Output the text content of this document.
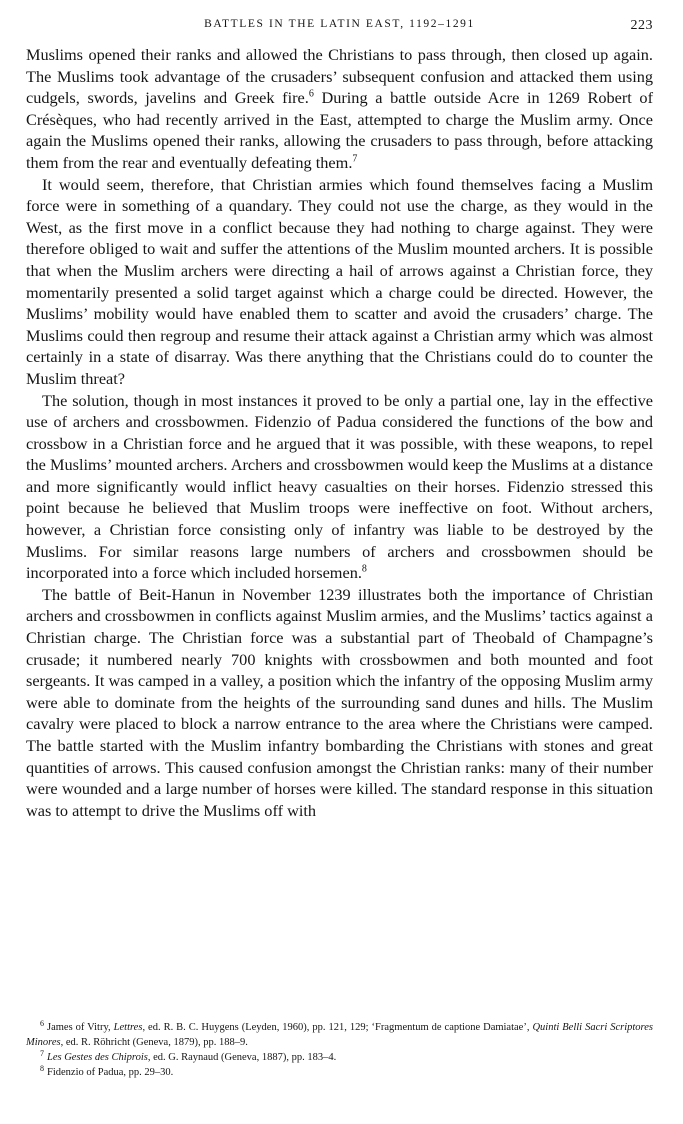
BATTLES IN THE LATIN EAST, 1192–1291	223

Muslims opened their ranks and allowed the Christians to pass through, then closed up again. The Muslims took advantage of the crusaders’ subsequent confusion and attacked them using cudgels, swords, javelins and Greek fire.$^6$ During a battle outside Acre in 1269 Robert of Crésèques, who had recently arrived in the East, attempted to charge the Muslim army. Once again the Muslims opened their ranks, allowing the crusaders to pass through, before attacking them from the rear and eventually defeating them.$^7$

It would seem, therefore, that Christian armies which found themselves facing a Muslim force were in something of a quandary. They could not use the charge, as they would in the West, as the first move in a conflict because they had nothing to charge against. They were therefore obliged to wait and suffer the attentions of the Muslim mounted archers. It is possible that when the Muslim archers were directing a hail of arrows against a Christian force, they momentarily presented a solid target against which a charge could be directed. However, the Muslims’ mobility would have enabled them to scatter and avoid the crusaders’ charge. The Muslims could then regroup and resume their attack against a Christian army which was almost certainly in a state of disarray. Was there anything that the Christians could do to counter the Muslim threat?

The solution, though in most instances it proved to be only a partial one, lay in the effective use of archers and crossbowmen. Fidenzio of Padua considered the functions of the bow and crossbow in a Christian force and he argued that it was possible, with these weapons, to repel the Muslims’ mounted archers. Archers and crossbowmen would keep the Muslims at a distance and more significantly would inflict heavy casualties on their horses. Fidenzio stressed this point because he believed that Muslim troops were ineffective on foot. Without archers, however, a Christian force consisting only of infantry was liable to be destroyed by the Muslims. For similar reasons large numbers of archers and crossbowmen should be incorporated into a force which included horsemen.$^8$

The battle of Beit-Hanun in November 1239 illustrates both the importance of Christian archers and crossbowmen in conflicts against Muslim armies, and the Muslims’ tactics against a Christian charge. The Christian force was a substantial part of Theobald of Champagne’s crusade; it numbered nearly 700 knights with crossbowmen and both mounted and foot sergeants. It was camped in a valley, a position which the infantry of the opposing Muslim army were able to dominate from the heights of the surrounding sand dunes and hills. The Muslim cavalry were placed to block a narrow entrance to the area where the Christians were camped. The battle started with the Muslim infantry bombarding the Christians with stones and great quantities of arrows. This caused confusion amongst the Christian ranks: many of their number were wounded and a large number of horses were killed. The standard response in this situation was to attempt to drive the Muslims off with

$^6$ James of Vitry, Lettres, ed. R. B. C. Huygens (Leyden, 1960), pp. 121, 129; ‘Fragmentum de captione Damiatae’, Quinti Belli Sacri Scriptores Minores, ed. R. Röhricht (Geneva, 1879), pp. 188–9.

$^7$ Les Gestes des Chiprois, ed. G. Raynaud (Geneva, 1887), pp. 183–4.

$^8$ Fidenzio of Padua, pp. 29–30.
